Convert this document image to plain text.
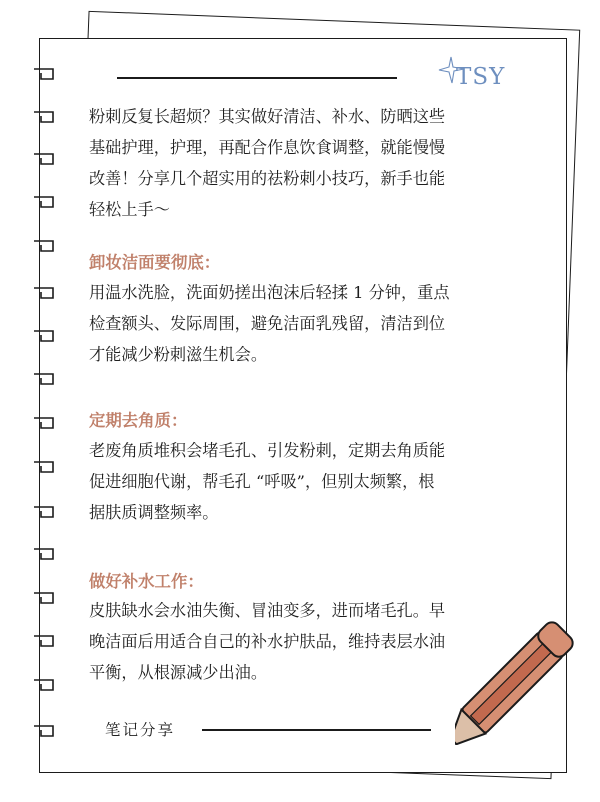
TSY
粉刺反复长超烦？其实做好清洁、补水、防晒这些
基础护理，护理，再配合作息饮食调整，就能慢慢
改善！分享几个超实用的祛粉刺小技巧，新手也能
轻松上手～
卸妆洁面要彻底：
用温水洗脸，洗面奶搓出泡沫后轻揉 1 分钟，重点
检查额头、发际周围，避免洁面乳残留，清洁到位
才能减少粉刺滋生机会。
定期去角质：
老废角质堆积会堵毛孔、引发粉刺，定期去角质能
促进细胞代谢，帮毛孔 “呼吸”，但别太频繁，根
据肤质调整频率。
做好补水工作：
皮肤缺水会水油失衡、冒油变多，进而堵毛孔。早
晚洁面后用适合自己的补水护肤品，维持表层水油
平衡，从根源减少出油。
笔记分享
